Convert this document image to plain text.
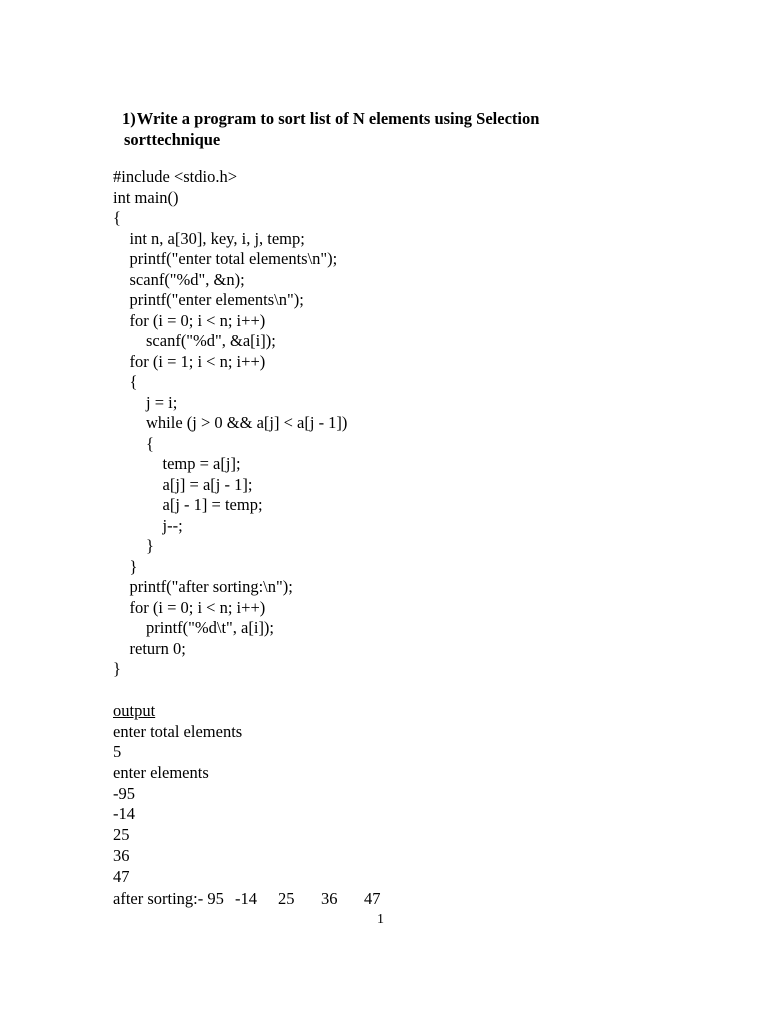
1)Write a program to sort list of N elements using Selection
sorttechnique
#include <stdio.h>
int main()
{
int n, a[30], key, i, j, temp;
printf("enter total elements\n");
scanf("%d", &n);
printf("enter elements\n");
for (i = 0; i < n; i++)
scanf("%d", &a[i]);
for (i = 1; i < n; i++)
{
j = i;
while (j > 0 && a[j] < a[j - 1])
{
temp = a[j];
a[j] = a[j - 1];
a[j - 1] = temp;
j--;
}
}
printf("after sorting:\n");
for (i = 0; i < n; i++)
printf("%d\t", a[i]);
return 0;
}
output
enter total elements
5
enter elements
-95
-14
25
36
47
after sorting:- 95 -14 25 36 47
1
